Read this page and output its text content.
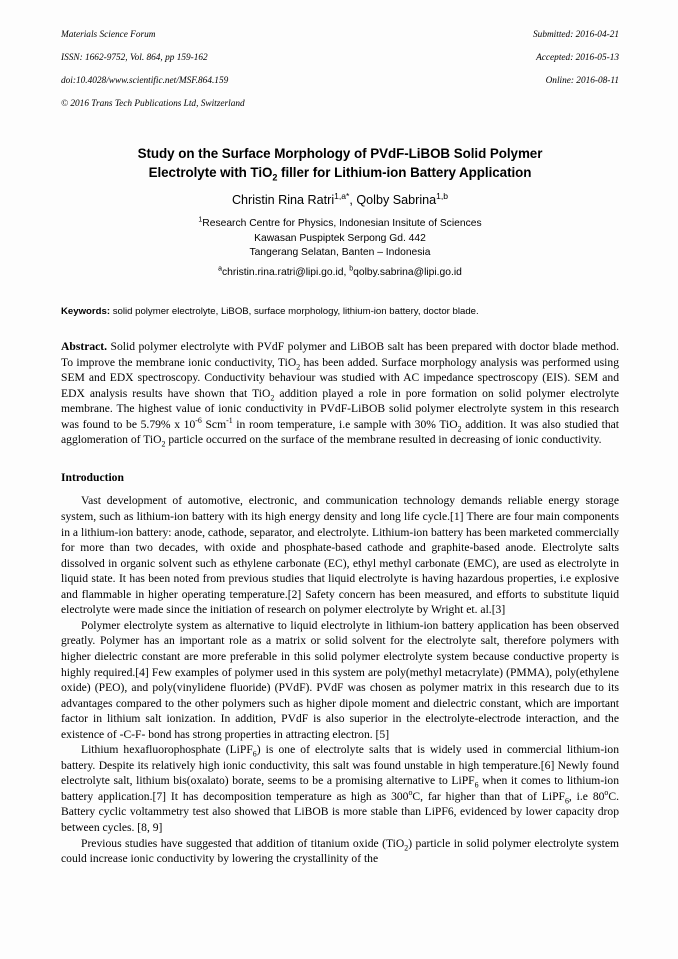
Materials Science Forum

ISSN: 1662-9752, Vol. 864, pp 159-162

doi:10.4028/www.scientific.net/MSF.864.159

© 2016 Trans Tech Publications Ltd, Switzerland

Submitted: 2016-04-21

Accepted: 2016-05-13

Online: 2016-08-11

Study on the Surface Morphology of PVdF-LiBOB Solid Polymer
Electrolyte with TiO$_2$ filler for Lithium-ion Battery Application
Christin Rina Ratri$^{1,a*}$, Qolby Sabrina$^{1,b}$
$^1$Research Centre for Physics, Indonesian Insitute of Sciences
Kawasan Puspiptek Serpong Gd. 442
Tangerang Selatan, Banten – Indonesia
$^a$christin.rina.ratri@lipi.go.id, $^b$qolby.sabrina@lipi.go.id
Keywords: solid polymer electrolyte, LiBOB, surface morphology, lithium-ion battery, doctor blade.
Abstract. Solid polymer electrolyte with PVdF polymer and LiBOB salt has been prepared with doctor blade method. To improve the membrane ionic conductivity, TiO$_2$ has been added. Surface morphology analysis was performed using SEM and EDX spectroscopy. Conductivity behaviour was studied with AC impedance spectroscopy (EIS). SEM and EDX analysis results have shown that TiO$_2$ addition played a role in pore formation on solid polymer electrolyte membrane. The highest value of ionic conductivity in PVdF-LiBOB solid polymer electrolyte system in this research was found to be 5.79% x $10^{-6}$ Scm$^{-1}$ in room temperature, i.e sample with 30% TiO$_2$ addition. It was also studied that agglomeration of TiO$_2$ particle occurred on the surface of the membrane resulted in decreasing of ionic conductivity.
Introduction

Vast development of automotive, electronic, and communication technology demands reliable energy storage system, such as lithium-ion battery with its high energy density and long life cycle.[1] There are four main components in a lithium-ion battery: anode, cathode, separator, and electrolyte. Lithium-ion battery has been marketed commercially for more than two decades, with oxide and phosphate-based cathode and graphite-based anode. Electrolyte salts dissolved in organic solvent such as ethylene carbonate (EC), ethyl methyl carbonate (EMC), are used as electrolyte in liquid state. It has been noted from previous studies that liquid electrolyte is having hazardous properties, i.e explosive and flammable in higher operating temperature.[2] Safety concern has been measured, and efforts to substitute liquid electrolyte were made since the initiation of research on polymer electrolyte by Wright et. al.[3]

Polymer electrolyte system as alternative to liquid electrolyte in lithium-ion battery application has been observed greatly. Polymer has an important role as a matrix or solid solvent for the electrolyte salt, therefore polymers with higher dielectric constant are more preferable in this solid polymer electrolyte system because conductive property is highly required.[4] Few examples of polymer used in this system are poly(methyl metacrylate) (PMMA), poly(ethylene oxide) (PEO), and poly(vinylidene fluoride) (PVdF). PVdF was chosen as polymer matrix in this research due to its advantages compared to the other polymers such as higher dipole moment and dielectric constant, which are important factor in lithium salt ionization. In addition, PVdF is also superior in the electrolyte-electrode interaction, and the existence of -C-F- bond has strong properties in attracting electron. [5]

Lithium hexafluorophosphate (LiPF$_6$) is one of electrolyte salts that is widely used in commercial lithium-ion battery. Despite its relatively high ionic conductivity, this salt was found unstable in high temperature.[6] Newly found electrolyte salt, lithium bis(oxalato) borate, seems to be a promising alternative to LiPF$_6$ when it comes to lithium-ion battery application.[7] It has decomposition temperature as high as 300$^o$C, far higher than that of LiPF$_6$, i.e 80$^o$C. Battery cyclic voltammetry test also showed that LiBOB is more stable than LiPF6, evidenced by lower capacity drop between cycles. [8, 9]

Previous studies have suggested that addition of titanium oxide (TiO$_2$) particle in solid polymer electrolyte system could increase ionic conductivity by lowering the crystallinity of the
